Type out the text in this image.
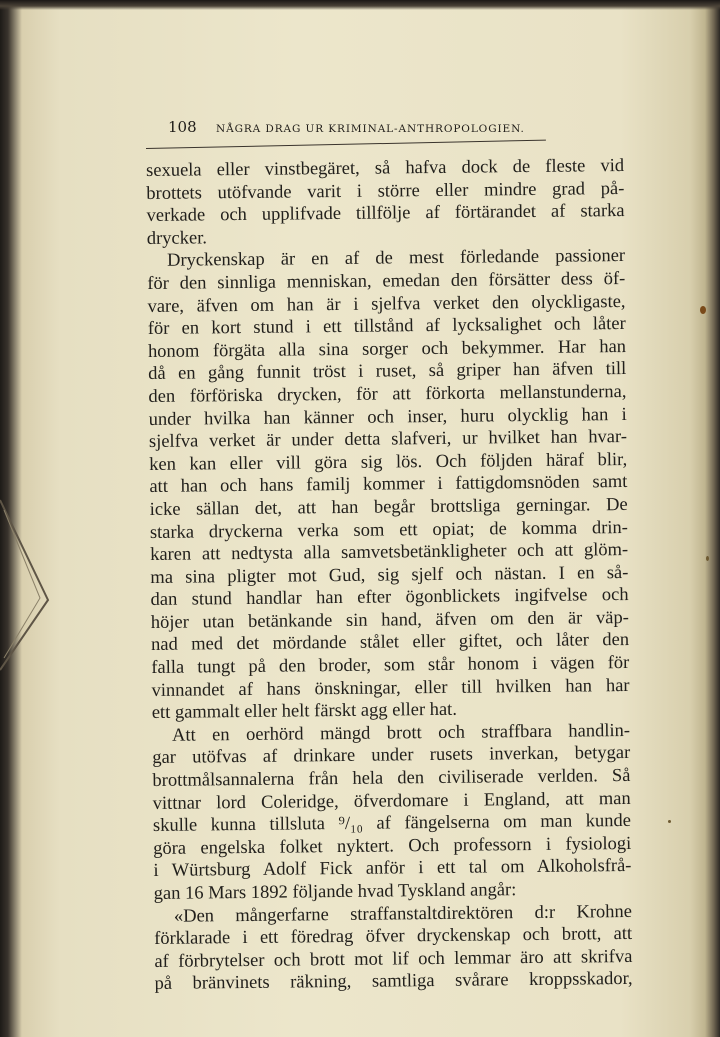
108	NÅGRA DRAG UR KRIMINAL-ANTHROPOLOGIEN.
sexuela eller vinstbegäret, så hafva dock de fleste vid
brottets utöfvande varit i större eller mindre grad på-
verkade och upplifvade tillfölje af förtärandet af starka
drycker.
Dryckenskap är en af de mest förledande passioner
för den sinnliga menniskan, emedan den försätter dess öf-
vare, äfven om han är i sjelfva verket den olyckligaste,
för en kort stund i ett tillstånd af lycksalighet och låter
honom förgäta alla sina sorger och bekymmer. Har han
då en gång funnit tröst i ruset, så griper han äfven till
den förföriska drycken, för att förkorta mellanstunderna,
under hvilka han känner och inser, huru olycklig han i
sjelfva verket är under detta slafveri, ur hvilket han hvar-
ken kan eller vill göra sig lös. Och följden häraf blir,
att han och hans familj kommer i fattigdomsnöden samt
icke sällan det, att han begår brottsliga gerningar. De
starka dryckerna verka som ett opiat; de komma drin-
karen att nedtysta alla samvetsbetänkligheter och att glöm-
ma sina pligter mot Gud, sig sjelf och nästan. I en så-
dan stund handlar han efter ögonblickets ingifvelse och
höjer utan betänkande sin hand, äfven om den är väp-
nad med det mördande stålet eller giftet, och låter den
falla tungt på den broder, som står honom i vägen för
vinnandet af hans önskningar, eller till hvilken han har
ett gammalt eller helt färskt agg eller hat.
Att en oerhörd mängd brott och straffbara handlin-
gar utöfvas af drinkare under rusets inverkan, betygar
brottmålsannalerna från hela den civiliserade verlden. Så
vittnar lord Coleridge, öfverdomare i England, att man
skulle kunna tillsluta ⁹/₁₀ af fängelserna om man kunde
göra engelska folket nyktert. Och professorn i fysiologi
i Würtsburg Adolf Fick anför i ett tal om Alkoholsfrå-
gan 16 Mars 1892 följande hvad Tyskland angår:
«Den mångerfarne straffanstaltdirektören d:r Krohne
förklarade i ett föredrag öfver dryckenskap och brott, att
af förbrytelser och brott mot lif och lemmar äro att skrifva
på bränvinets räkning, samtliga svårare kroppsskador,
